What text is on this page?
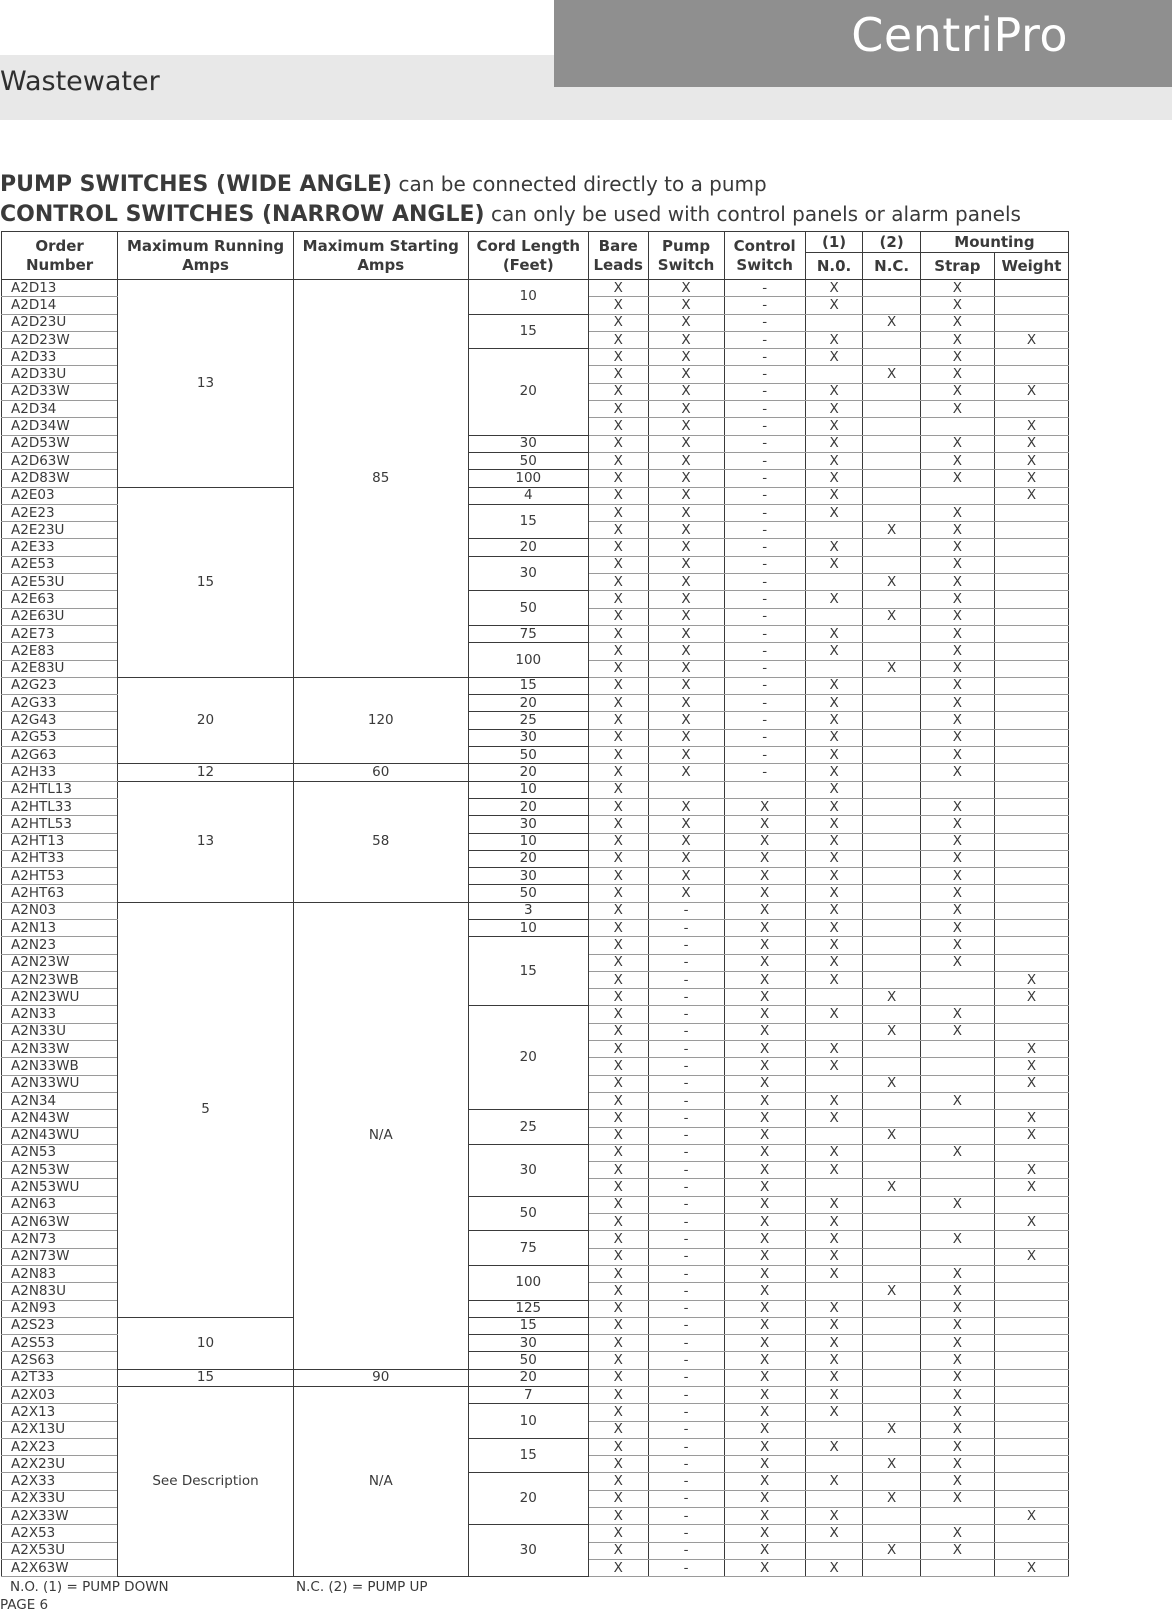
CentriPro
Wastewater
PUMP SWITCHES (WIDE ANGLE) can be connected directly to a pump
CONTROL SWITCHES (NARROW ANGLE) can only be used with control panels or alarm panels
Order Number	Maximum Running Amps	Maximum Starting Amps	Cord Length (Feet)	Bare Leads	Pump Switch	Control Switch	(1)	(2)	Mounting	
							N.0.	N.C.	Strap	Weight
A2D13	13	85	10	X	X	-	X		X	
A2D14				X	X	-	X		X	
A2D23U			15	X	X	-		X	X	
A2D23W				X	X	-	X		X	X
A2D33			20	X	X	-	X		X	
A2D33U				X	X	-		X	X	
A2D33W				X	X	-	X		X	X
A2D34				X	X	-	X		X	
A2D34W				X	X	-	X			X
A2D53W			30	X	X	-	X		X	X
A2D63W			50	X	X	-	X		X	X
A2D83W			100	X	X	-	X		X	X
A2E03	15		4	X	X	-	X			X
A2E23			15	X	X	-	X		X	
A2E23U				X	X	-		X	X	
A2E33			20	X	X	-	X		X	
A2E53			30	X	X	-	X		X	
A2E53U				X	X	-		X	X	
A2E63			50	X	X	-	X		X	
A2E63U				X	X	-		X	X	
A2E73			75	X	X	-	X		X	
A2E83			100	X	X	-	X		X	
A2E83U				X	X	-		X	X	
A2G23	20	120	15	X	X	-	X		X	
A2G33			20	X	X	-	X		X	
A2G43			25	X	X	-	X		X	
A2G53			30	X	X	-	X		X	
A2G63			50	X	X	-	X		X	
A2H33	12	60	20	X	X	-	X		X	
A2HTL13	13	58	10	X			X			
A2HTL33			20	X	X	X	X		X	
A2HTL53			30	X	X	X	X		X	
A2HT13			10	X	X	X	X		X	
A2HT33			20	X	X	X	X		X	
A2HT53			30	X	X	X	X		X	
A2HT63			50	X	X	X	X		X	
A2N03	5	N/A	3	X	-	X	X		X	
A2N13			10	X	-	X	X		X	
A2N23			15	X	-	X	X		X	
A2N23W				X	-	X	X		X	
A2N23WB				X	-	X	X			X
A2N23WU				X	-	X		X		X
A2N33			20	X	-	X	X		X	
A2N33U				X	-	X		X	X	
A2N33W				X	-	X	X			X
A2N33WB				X	-	X	X			X
A2N33WU				X	-	X		X		X
A2N34				X	-	X	X		X	
A2N43W			25	X	-	X	X			X
A2N43WU				X	-	X		X		X
A2N53			30	X	-	X	X		X	
A2N53W				X	-	X	X			X
A2N53WU				X	-	X		X		X
A2N63			50	X	-	X	X		X	
A2N63W				X	-	X	X			X
A2N73			75	X	-	X	X		X	
A2N73W				X	-	X	X			X
A2N83			100	X	-	X	X		X	
A2N83U				X	-	X		X	X	
A2N93			125	X	-	X	X		X	
A2S23	10		15	X	-	X	X		X	
A2S53			30	X	-	X	X		X	
A2S63			50	X	-	X	X		X	
A2T33	15	90	20	X	-	X	X		X	
A2X03	See Description	N/A	7	X	-	X	X		X	
A2X13			10	X	-	X	X		X	
A2X13U				X	-	X		X	X	
A2X23			15	X	-	X	X		X	
A2X23U				X	-	X		X	X	
A2X33			20	X	-	X	X		X	
A2X33U				X	-	X		X	X	
A2X33W				X	-	X	X			X
A2X53			30	X	-	X	X		X	
A2X53U				X	-	X		X	X	
A2X63W				X	-	X	X			X
N.O. (1) = PUMP DOWN	N.C. (2) = PUMP UP
PAGE 6
